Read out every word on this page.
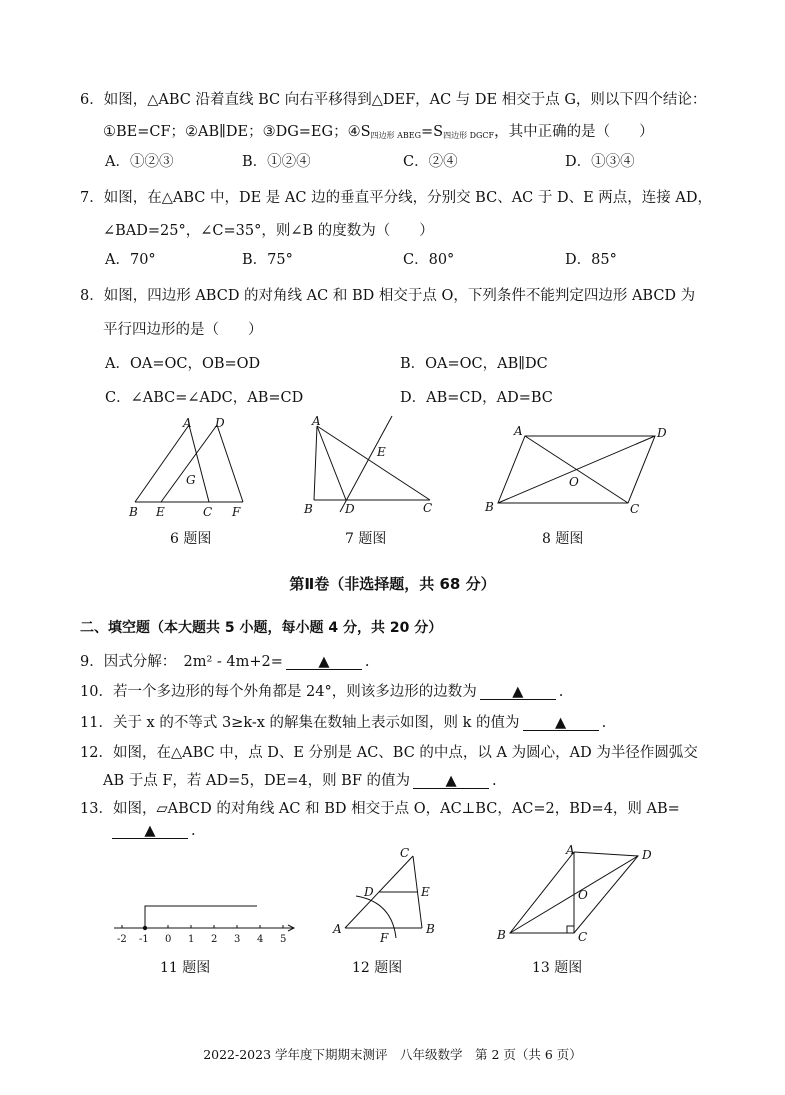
6．如图，△ABC 沿着直线 BC 向右平移得到△DEF，AC 与 DE 相交于点 G，则以下四个结论：
①BE=CF；②AB∥DE；③DG=EG；$④S_{四边形 ABEG}=S_{四边形 DGCF}$，其中正确的是（　　）
A．①②③	B．①②④	C．②④	D．①③④
7．如图，在△ABC 中，DE 是 AC 边的垂直平分线，分别交 BC、AC 于 D、E 两点，连接 AD，
∠BAD=25°，∠C=35°，则∠B 的度数为（　　）
A．70°	B．75°	C．80°	D．85°
8．如图，四边形 ABCD 的对角线 AC 和 BD 相交于点 O，下列条件不能判定四边形 ABCD 为
平行四边形的是（　　）
A．OA=OC，OB=OD	B．OA=OC，AB∥DC
C．∠ABC=∠ADC，AB=CD	D．AB=CD，AD=BC
A D
G
B E	C F
6 题图
A
E
B	D	C
7 题图
A	D
O
B	C
8 题图
第Ⅱ卷（非选择题，共 68 分）
二、填空题（本大题共 5 小题，每小题 4 分，共 20 分）
9．因式分解：　2m² - 4m+2= ▲ .
10．若一个多边形的每个外角都是 24°，则该多边形的边数为 ▲ .
11．关于 x 的不等式 3≥k-x 的解集在数轴上表示如图，则 k 的值为 ▲ .
12．如图，在△ABC 中，点 D、E 分别是 AC、BC 的中点，以 A 为圆心，AD 为半径作圆弧交
AB 于点 F，若 AD=5，DE=4，则 BF 的值为 ▲ .
13．如图，▱ABCD 的对角线 AC 和 BD 相交于点 O，AC⊥BC，AC=2，BD=4，则 AB=
▲ .
-2 -1 0 1 2 3 4 5
11 题图
C
D	E
A
F
B
12 题图
A	D
O
B	C
13 题图
2022-2023 学年度下期期末测评　八年级数学　第 2 页（共 6 页）
